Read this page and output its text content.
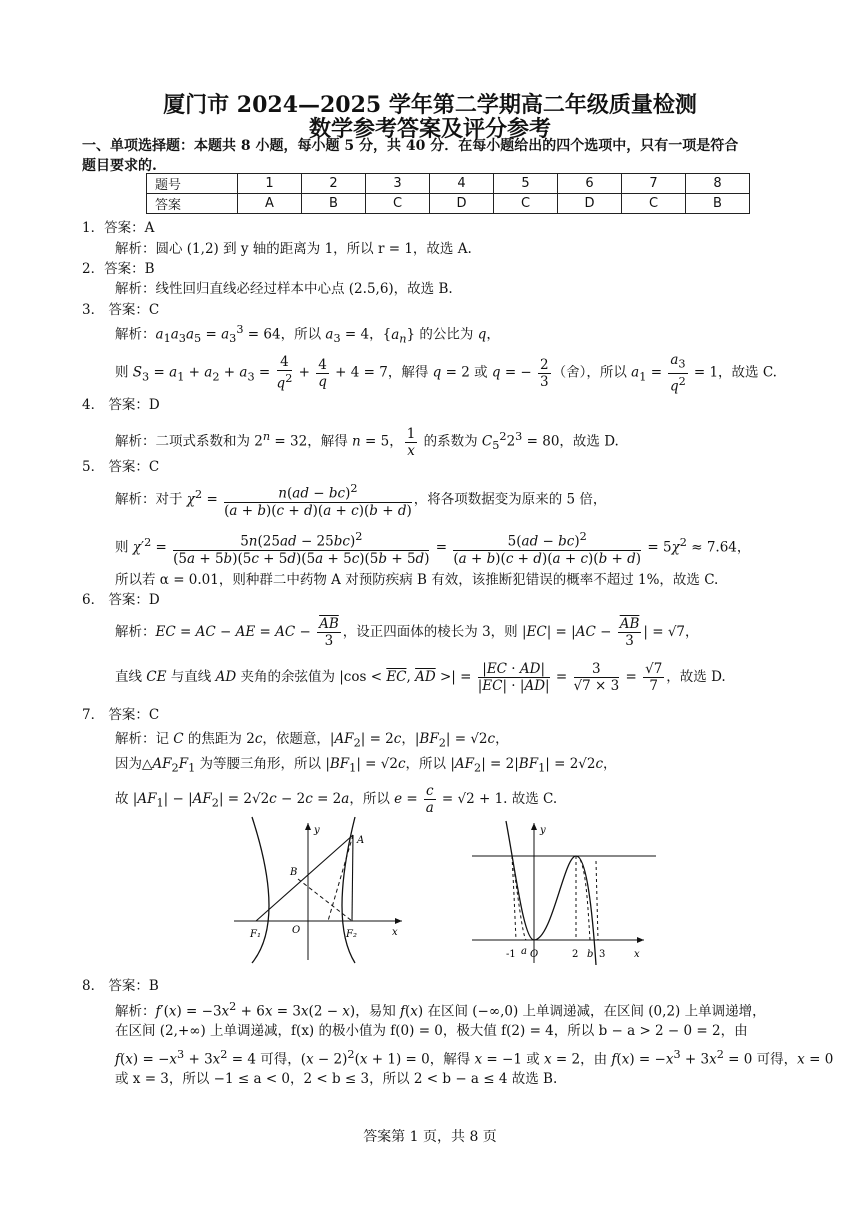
厦门市 2024—2025 学年第二学期高二年级质量检测
数学参考答案及评分参考
一、单项选择题：本题共 8 小题，每小题 5 分，共 40 分．在每小题给出的四个选项中，只有一项是符合
题目要求的.
题号	1	2	3	4	5	6	7	8
答案	A	B	C	D	C	D	C	B
1．答案：A
解析：圆心 (1,2) 到 y 轴的距离为 1，所以 r = 1，故选 A.
2．答案：B
解析：线性回归直线必经过样本中心点 (2.5,6)，故选 B.
3． 答案：C
解析：$a_1a_3a_5 = a_3^3 = 64$，所以 $a_3 = 4$，$\{a_n\}$ 的公比为 q，
则 $S_3 = a_1 + a_2 + a_3 = \frac{4}{q^2} + \frac{4}{q} + 4 = 7$，解得 q = 2 或 q = − $\frac{2}{3}$ （舍），所以 $a_1 = \frac{a_3}{q^2} = 1$，故选 C.
4． 答案：D
解析：二项式系数和为 $2^n = 32$，解得 n = 5， $\frac{1}{x}$ 的系数为 $C_5^22^3 = 80$，故选 D.
5． 答案：C
解析：对于 $\chi^2 = \frac{n(ad - bc)^2}{(a + b)(c + d)(a + c)(b + d)}$ ，将各项数据变为原来的 5 倍，
则 $\chi'^2 = \frac{5n(25ad - 25bc)^2}{(5a + 5b)(5c + 5d)(5a + 5c)(5b + 5d)} = \frac{5(ad - bc)^2}{(a + b)(c + d)(a + c)(b + d)} = 5\chi^2 \approx 7.64$，
所以若 α = 0.01，则种群二中药物 A 对预防疾病 B 有效，该推断犯错误的概率不超过 1%，故选 C.
6． 答案：D
解析：EC = AC − AE = AC − $\frac{\overline{AB}}{3}$ ，设正四面体的棱长为 3，则 $|EC| = |AC - \frac{\overline{AB}}{3}$ | = √7，
直线 CE 与直线 AD 夹角的余弦值为 $|\cos < \overline{EC}$, $\overline{AD}$ >| = $\frac{|EC \cdot AD|}{|EC| \cdot |AD|} = \frac{3}{√7 \times 3} = \frac{√7}{7}$ ，故选 D.
7． 答案：C
解析：记 C 的焦距为 2c，依题意，$|AF_2| = 2c$，$|BF_2| = √2c$，
因为$\triangle AF_2F_1$ 为等腰三角形，所以 $|BF_1| = √2c$，所以 $|AF_2| = 2|BF_1| = 2√2c$，
故 $|AF_1| - |AF_2| = 2√2c - 2c = 2a$，所以 $e = \frac{c}{a} = √2 + 1$. 故选 C.
y
A
B
F₁	O	F₂	x
y
-1 a O	2 b 3	x
8． 答案：B
解析：$f'(x) = -3x^2 + 6x = 3x(2 - x)$，易知 f(x) 在区间 (−∞,0) 上单调递减，在区间 (0,2) 上单调递增，
在区间 (2,+∞) 上单调递减，f(x) 的极小值为 f(0) = 0，极大值 f(2) = 4，所以 b − a > 2 − 0 = 2，由
$f(x) = -x^3 + 3x^2 = 4$ 可得，$(x - 2)^2(x + 1) = 0$，解得 x = −1 或 x = 2，由 $f(x) = -x^3 + 3x^2 = 0$ 可得，x = 0
或 x = 3，所以 −1 ≤ a < 0，2 < b ≤ 3，所以 2 < b − a ≤ 4 故选 B.
答案第 1 页，共 8 页
